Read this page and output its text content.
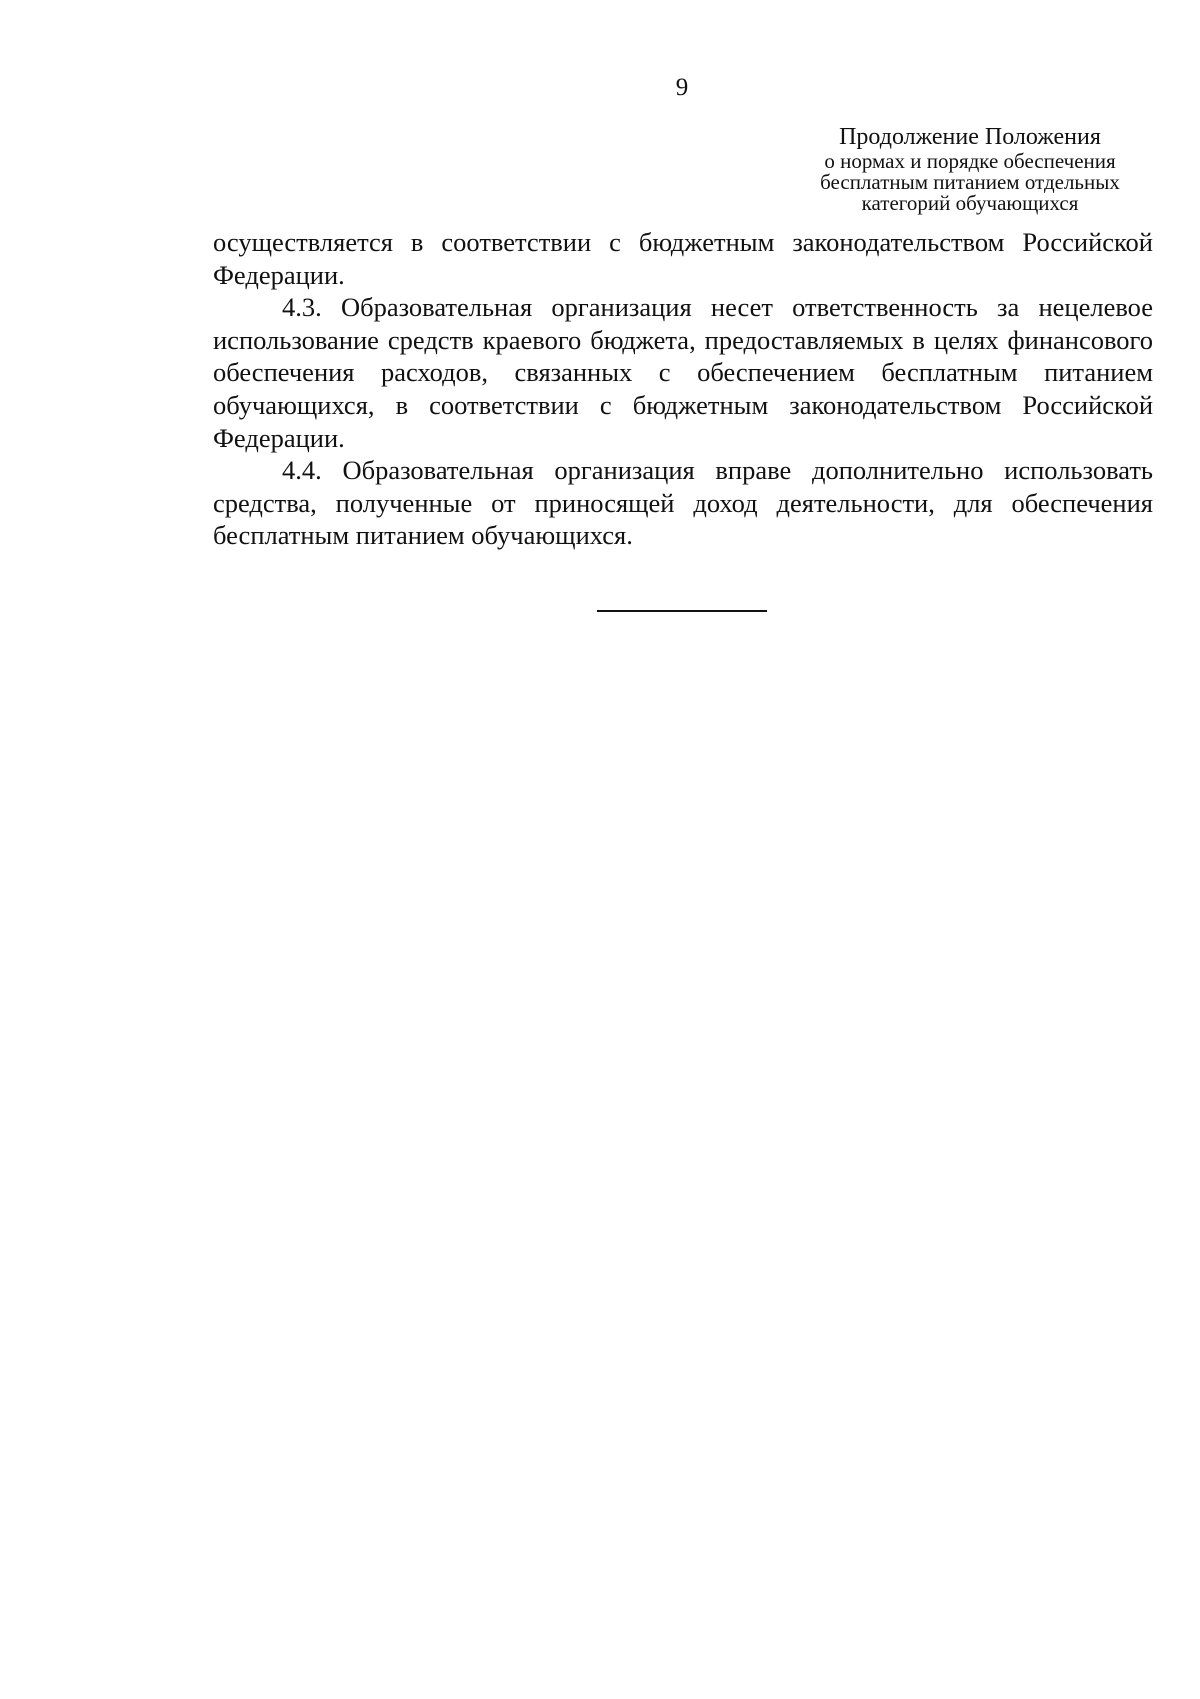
9
Продолжение Положения
о нормах и порядке обеспечения
бесплатным питанием отдельных
категорий обучающихся

осуществляется в соответствии с бюджетным законодательством Российской Федерации.

4.3. Образовательная организация несет ответственность за нецелевое использование средств краевого бюджета, предоставляемых в целях финансового обеспечения расходов, связанных с обеспечением бесплатным питанием обучающихся, в соответствии с бюджетным законодательством Российской Федерации.

4.4. Образовательная организация вправе дополнительно использовать средства, полученные от приносящей доход деятельности, для обеспечения бесплатным питанием обучающихся.
